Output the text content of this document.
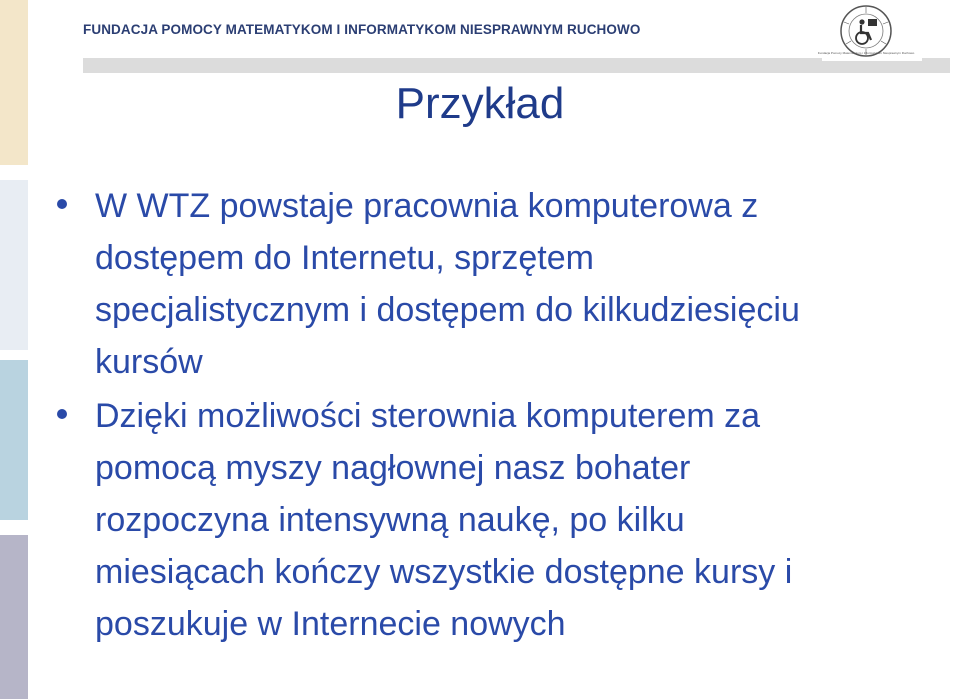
FUNDACJA POMOCY MATEMATYKOM I INFORMATYKOM NIESPRAWNYM RUCHOWO
Fundacja Pomocy Matematykom i Informatykom Niesprawnym Ruchowo
Przykład
W WTZ powstaje pracownia komputerowa z
dostępem do Internetu, sprzętem
specjalistycznym i dostępem do kilkudziesięciu
kursów
Dzięki możliwości sterownia komputerem za
pomocą myszy nagłownej nasz bohater
rozpoczyna intensywną naukę, po kilku
miesiącach kończy wszystkie dostępne kursy i
poszukuje w Internecie nowych
